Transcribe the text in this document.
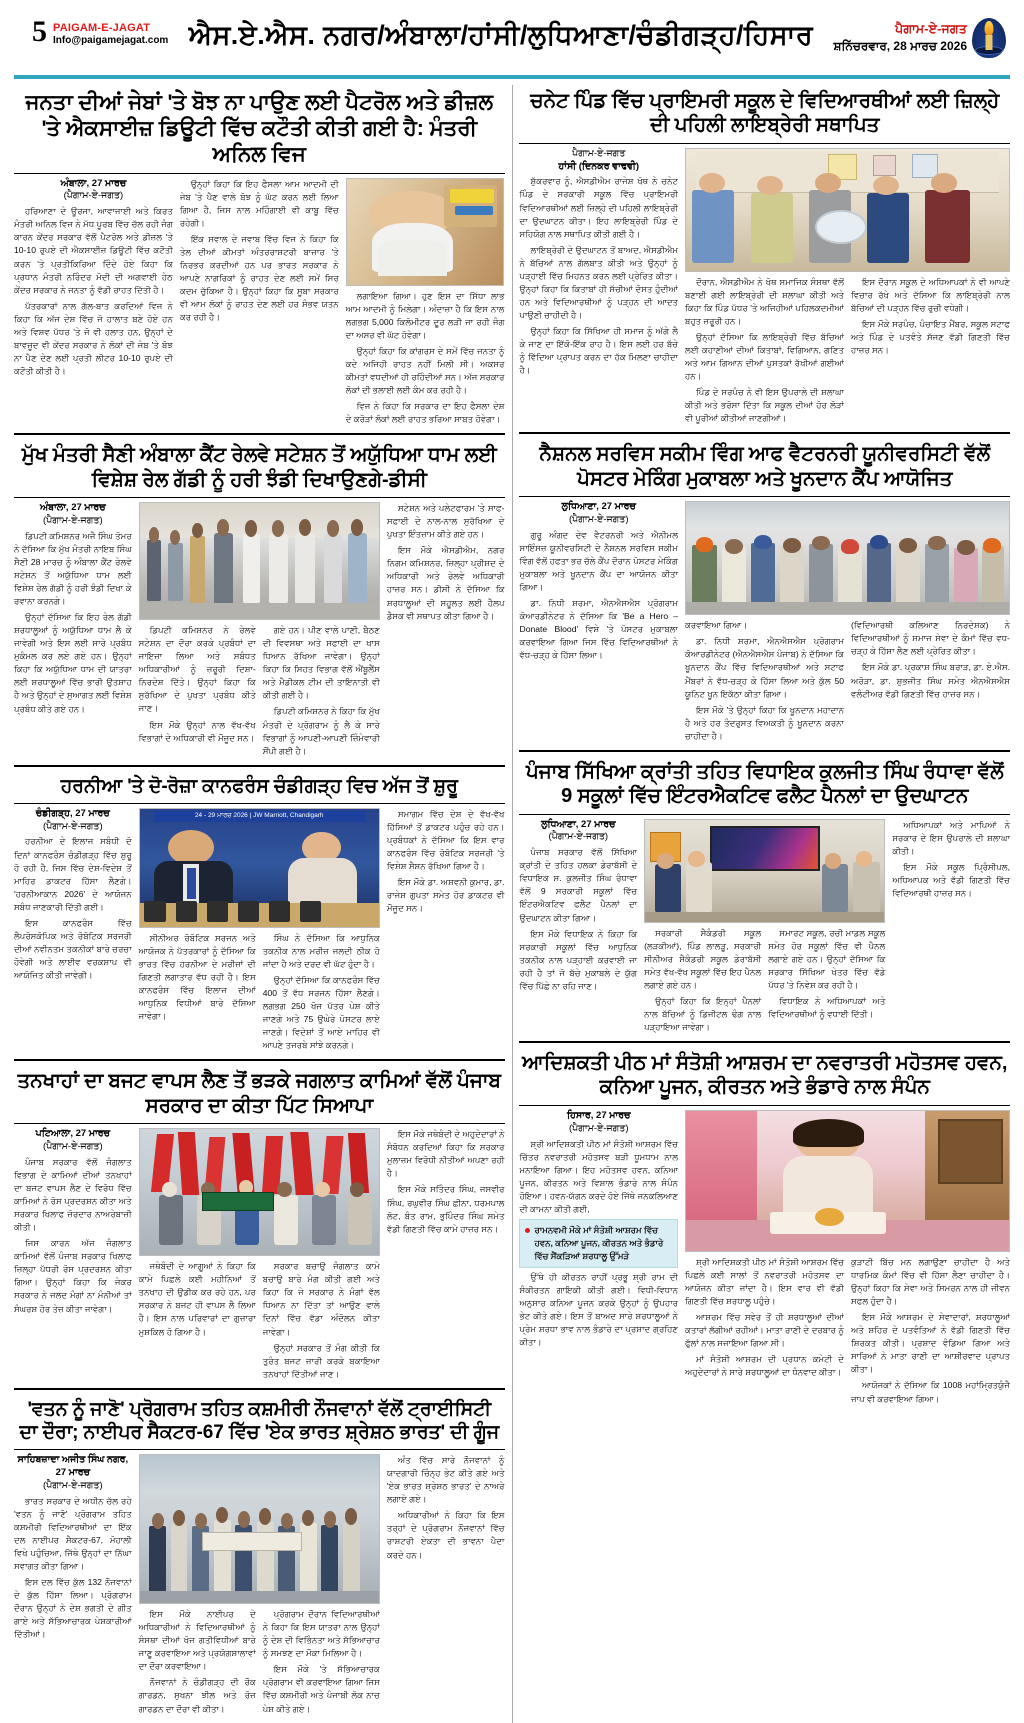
5 PAIGAM-E-JAGAT
Info@paigamejagat.com ਐਸ.ਏ.ਐਸ. ਨਗਰ/ਅੰਬਾਲਾ/ਹਾਂਸੀ/ਲੁਧਿਆਣਾ/ਚੰਡੀਗੜ੍ਹ/ਹਿਸਾਰ	ਪੈਗਾਮ-ਏ-ਜਗਤ
ਸ਼ਨਿੱਚਰਵਾਰ, 28 ਮਾਰਚ 2026
ਜਨਤਾ ਦੀਆਂ ਜੇਬਾਂ 'ਤੇ ਬੋਝ ਨਾ ਪਾਉਣ ਲਈ ਪੈਟਰੋਲ ਅਤੇ ਡੀਜ਼ਲ 'ਤੇ ਐਕਸਾਈਜ਼ ਡਿਊਟੀ ਵਿੱਚ ਕਟੌਤੀ ਕੀਤੀ ਗਈ ਹੈ: ਮੰਤਰੀ ਅਨਿਲ ਵਿਜ
ਅੰਬਾਲਾ, 27 ਮਾਰਚ
(ਪੈਗਾਮ-ਏ-ਜਗਤ)
ਹਰਿਆਣਾ ਦੇ ਊਰਜਾ, ਆਵਾਜਾਈ ਅਤੇ ਕਿਰਤ ਮੰਤਰੀ ਅਨਿਲ ਵਿਜ ਨੇ ਮੱਧ ਪੂਰਬ ਵਿੱਚ ਚੱਲ ਰਹੀ ਜੰਗ ਕਾਰਨ ਕੇਂਦਰ ਸਰਕਾਰ ਵੱਲੋਂ ਪੈਟਰੋਲ ਅਤੇ ਡੀਜ਼ਲ 'ਤੇ 10-10 ਰੁਪਏ ਦੀ ਐਕਸਾਈਜ਼ ਡਿਊਟੀ ਵਿੱਚ ਕਟੌਤੀ ਕਰਨ 'ਤੇ ਪ੍ਰਤੀਕਿਰਿਆ ਦਿੰਦੇ ਹੋਏ ਕਿਹਾ ਕਿ ਪ੍ਰਧਾਨ ਮੰਤਰੀ ਨਰਿੰਦਰ ਮੋਦੀ ਦੀ ਅਗਵਾਈ ਹੇਠ ਕੇਂਦਰ ਸਰਕਾਰ ਨੇ ਜਨਤਾ ਨੂੰ ਵੱਡੀ ਰਾਹਤ ਦਿੱਤੀ ਹੈ।
ਪੱਤਰਕਾਰਾਂ ਨਾਲ ਗੱਲ-ਬਾਤ ਕਰਦਿਆਂ ਵਿਜ ਨੇ ਕਿਹਾ ਕਿ ਅੱਜ ਦੇਸ਼ ਵਿੱਚ ਜੋ ਹਾਲਾਤ ਬਣੇ ਹੋਏ ਹਨ ਅਤੇ ਵਿਸ਼ਵ ਪੱਧਰ 'ਤੇ ਜੋ ਵੀ ਹਲਾਤ ਹਨ, ਉਨ੍ਹਾਂ ਦੇ ਬਾਵਜੂਦ ਵੀ ਕੇਂਦਰ ਸਰਕਾਰ ਨੇ ਲੋਕਾਂ ਦੀ ਜੇਬ 'ਤੇ ਬੋਝ ਨਾ ਪੈਣ ਦੇਣ ਲਈ ਪ੍ਰਤੀ ਲੀਟਰ 10-10 ਰੁਪਏ ਦੀ ਕਟੌਤੀ ਕੀਤੀ ਹੈ।
ਉਨ੍ਹਾਂ ਕਿਹਾ ਕਿ ਇਹ ਫੈਸਲਾ ਆਮ ਆਦਮੀ ਦੀ ਜੇਬ 'ਤੇ ਪੈਣ ਵਾਲੇ ਬੋਝ ਨੂੰ ਘੱਟ ਕਰਨ ਲਈ ਲਿਆ ਗਿਆ ਹੈ, ਜਿਸ ਨਾਲ ਮਹਿੰਗਾਈ ਵੀ ਕਾਬੂ ਵਿੱਚ ਰਹੇਗੀ।
ਇੱਕ ਸਵਾਲ ਦੇ ਜਵਾਬ ਵਿੱਚ ਵਿਜ ਨੇ ਕਿਹਾ ਕਿ ਤੇਲ ਦੀਆਂ ਕੀਮਤਾਂ ਅੰਤਰਰਾਸ਼ਟਰੀ ਬਾਜ਼ਾਰ 'ਤੇ ਨਿਰਭਰ ਕਰਦੀਆਂ ਹਨ ਪਰ ਭਾਰਤ ਸਰਕਾਰ ਨੇ ਆਪਣੇ ਨਾਗਰਿਕਾਂ ਨੂੰ ਰਾਹਤ ਦੇਣ ਲਈ ਸਮੇਂ ਸਿਰ ਕਦਮ ਚੁੱਕਿਆ ਹੈ। ਉਨ੍ਹਾਂ ਕਿਹਾ ਕਿ ਸੂਬਾ ਸਰਕਾਰ ਵੀ ਆਮ ਲੋਕਾਂ ਨੂੰ ਰਾਹਤ ਦੇਣ ਲਈ ਹਰ ਸੰਭਵ ਯਤਨ ਕਰ ਰਹੀ ਹੈ।
ਲਗਾਇਆ ਗਿਆ। ਹੁਣ ਇਸ ਦਾ ਸਿੱਧਾ ਲਾਭ ਆਮ ਆਦਮੀ ਨੂੰ ਮਿਲੇਗਾ। ਅੰਦਾਜ਼ਾ ਹੈ ਕਿ ਇਸ ਨਾਲ ਲਗਭਗ 5,000 ਕਿਲੋਮੀਟਰ ਦੂਰ ਲੜੀ ਜਾ ਰਹੀ ਜੰਗ ਦਾ ਅਸਰ ਵੀ ਘੱਟ ਹੋਵੇਗਾ।
ਉਨ੍ਹਾਂ ਕਿਹਾ ਕਿ ਕਾਂਗਰਸ ਦੇ ਸਮੇਂ ਵਿੱਚ ਜਨਤਾ ਨੂੰ ਕਦੇ ਅਜਿਹੀ ਰਾਹਤ ਨਹੀਂ ਮਿਲੀ ਸੀ। ਅਕਸਰ ਕੀਮਤਾਂ ਵਧਦੀਆਂ ਹੀ ਰਹਿੰਦੀਆਂ ਸਨ। ਅੱਜ ਸਰਕਾਰ ਲੋਕਾਂ ਦੀ ਭਲਾਈ ਲਈ ਕੰਮ ਕਰ ਰਹੀ ਹੈ।
ਵਿਜ ਨੇ ਕਿਹਾ ਕਿ ਸਰਕਾਰ ਦਾ ਇਹ ਫੈਸਲਾ ਦੇਸ਼ ਦੇ ਕਰੋੜਾਂ ਲੋਕਾਂ ਲਈ ਰਾਹਤ ਭਰਿਆ ਸਾਬਤ ਹੋਵੇਗਾ।
ਮੁੱਖ ਮੰਤਰੀ ਸੈਣੀ ਅੰਬਾਲਾ ਕੈਂਟ ਰੇਲਵੇ ਸਟੇਸ਼ਨ ਤੋਂ ਅਯੁੱਧਿਆ ਧਾਮ ਲਈ ਵਿਸ਼ੇਸ਼ ਰੇਲ ਗੱਡੀ ਨੂੰ ਹਰੀ ਝੰਡੀ ਦਿਖਾਉਣਗੇ-ਡੀਸੀ
ਅੰਬਾਲਾ, 27 ਮਾਰਚ
(ਪੈਗਾਮ-ਏ-ਜਗਤ)
ਡਿਪਟੀ ਕਮਿਸ਼ਨਰ ਅਜੈ ਸਿੰਘ ਤੋਮਰ ਨੇ ਦੱਸਿਆ ਕਿ ਮੁੱਖ ਮੰਤਰੀ ਨਾਇਬ ਸਿੰਘ ਸੈਣੀ 28 ਮਾਰਚ ਨੂੰ ਅੰਬਾਲਾ ਕੈਂਟ ਰੇਲਵੇ ਸਟੇਸ਼ਨ ਤੋਂ ਅਯੁੱਧਿਆ ਧਾਮ ਲਈ ਵਿਸ਼ੇਸ਼ ਰੇਲ ਗੱਡੀ ਨੂੰ ਹਰੀ ਝੰਡੀ ਦਿਖਾ ਕੇ ਰਵਾਨਾ ਕਰਨਗੇ।
ਉਨ੍ਹਾਂ ਦੱਸਿਆ ਕਿ ਇਹ ਰੇਲ ਗੱਡੀ ਸ਼ਰਧਾਲੂਆਂ ਨੂੰ ਅਯੁੱਧਿਆ ਧਾਮ ਲੈ ਕੇ ਜਾਵੇਗੀ ਅਤੇ ਇਸ ਲਈ ਸਾਰੇ ਪ੍ਰਬੰਧ ਮੁਕੰਮਲ ਕਰ ਲਏ ਗਏ ਹਨ। ਉਨ੍ਹਾਂ ਕਿਹਾ ਕਿ ਅਯੁੱਧਿਆ ਧਾਮ ਦੀ ਯਾਤਰਾ ਲਈ ਸ਼ਰਧਾਲੂਆਂ ਵਿੱਚ ਭਾਰੀ ਉਤਸ਼ਾਹ ਹੈ ਅਤੇ ਉਨ੍ਹਾਂ ਦੇ ਸੁਆਗਤ ਲਈ ਵਿਸ਼ੇਸ਼ ਪ੍ਰਬੰਧ ਕੀਤੇ ਗਏ ਹਨ।
ਡਿਪਟੀ ਕਮਿਸ਼ਨਰ ਨੇ ਰੇਲਵੇ ਸਟੇਸ਼ਨ ਦਾ ਦੌਰਾ ਕਰਕੇ ਪ੍ਰਬੰਧਾਂ ਦਾ ਜਾਇਜ਼ਾ ਲਿਆ ਅਤੇ ਸਬੰਧਤ ਅਧਿਕਾਰੀਆਂ ਨੂੰ ਜ਼ਰੂਰੀ ਦਿਸ਼ਾ-ਨਿਰਦੇਸ਼ ਦਿੱਤੇ। ਉਨ੍ਹਾਂ ਕਿਹਾ ਕਿ ਸੁਰੱਖਿਆ ਦੇ ਪੁਖਤਾ ਪ੍ਰਬੰਧ ਕੀਤੇ ਜਾਣ।
ਇਸ ਮੌਕੇ ਉਨ੍ਹਾਂ ਨਾਲ ਵੱਖ-ਵੱਖ ਵਿਭਾਗਾਂ ਦੇ ਅਧਿਕਾਰੀ ਵੀ ਮੌਜੂਦ ਸਨ।
ਗਏ ਹਨ। ਪੀਣ ਵਾਲੇ ਪਾਣੀ, ਬੈਠਣ ਦੀ ਵਿਵਸਥਾ ਅਤੇ ਸਫਾਈ ਦਾ ਖਾਸ ਧਿਆਨ ਰੱਖਿਆ ਜਾਵੇਗਾ। ਉਨ੍ਹਾਂ ਕਿਹਾ ਕਿ ਸਿਹਤ ਵਿਭਾਗ ਵੱਲੋਂ ਐਂਬੂਲੈਂਸ ਅਤੇ ਮੈਡੀਕਲ ਟੀਮ ਦੀ ਤਾਇਨਾਤੀ ਵੀ ਕੀਤੀ ਗਈ ਹੈ।
ਡਿਪਟੀ ਕਮਿਸ਼ਨਰ ਨੇ ਕਿਹਾ ਕਿ ਮੁੱਖ ਮੰਤਰੀ ਦੇ ਪ੍ਰੋਗਰਾਮ ਨੂੰ ਲੈ ਕੇ ਸਾਰੇ ਵਿਭਾਗਾਂ ਨੂੰ ਆਪਣੀ-ਆਪਣੀ ਜ਼ਿੰਮੇਵਾਰੀ ਸੌਂਪੀ ਗਈ ਹੈ।
ਸਟੇਸ਼ਨ ਅਤੇ ਪਲੇਟਫਾਰਮ 'ਤੇ ਸਾਫ-ਸਫਾਈ ਦੇ ਨਾਲ-ਨਾਲ ਸੁਰੱਖਿਆ ਦੇ ਪੁਖਤਾ ਇੰਤਜ਼ਾਮ ਕੀਤੇ ਗਏ ਹਨ।
ਇਸ ਮੌਕੇ ਐਸਡੀਐਮ, ਨਗਰ ਨਿਗਮ ਕਮਿਸ਼ਨਰ, ਜ਼ਿਲ੍ਹਾ ਪ੍ਰੀਸ਼ਦ ਦੇ ਅਧਿਕਾਰੀ ਅਤੇ ਰੇਲਵੇ ਅਧਿਕਾਰੀ ਹਾਜ਼ਰ ਸਨ। ਡੀਸੀ ਨੇ ਦੱਸਿਆ ਕਿ ਸ਼ਰਧਾਲੂਆਂ ਦੀ ਸਹੂਲਤ ਲਈ ਹੈਲਪ ਡੈਸਕ ਵੀ ਸਥਾਪਤ ਕੀਤਾ ਗਿਆ ਹੈ।
ਹਰਨੀਆ 'ਤੇ ਦੋ-ਰੋਜ਼ਾ ਕਾਨਫਰੰਸ ਚੰਡੀਗੜ੍ਹ ਵਿਚ ਅੱਜ ਤੋਂ ਸ਼ੁਰੂ
ਚੰਡੀਗੜ੍ਹ, 27 ਮਾਰਚ
(ਪੈਗਾਮ-ਏ-ਜਗਤ)
ਹਰਨੀਆ ਦੇ ਇਲਾਜ ਸਬੰਧੀ ਦੋ ਦਿਨਾਂ ਕਾਨਫਰੰਸ ਚੰਡੀਗੜ੍ਹ ਵਿੱਚ ਸ਼ੁਰੂ ਹੋ ਰਹੀ ਹੈ, ਜਿਸ ਵਿੱਚ ਦੇਸ਼-ਵਿਦੇਸ਼ ਤੋਂ ਮਾਹਿਰ ਡਾਕਟਰ ਹਿੱਸਾ ਲੈਣਗੇ। 'ਹਰਨੀਆਕਾਨ 2026' ਦੇ ਆਯੋਜਨ ਸਬੰਧ ਜਾਣਕਾਰੀ ਦਿੱਤੀ ਗਈ।
ਇਸ ਕਾਨਫਰੰਸ ਵਿੱਚ ਲੈਪਰੋਸਕੋਪਿਕ ਅਤੇ ਰੋਬੋਟਿਕ ਸਰਜਰੀ ਦੀਆਂ ਨਵੀਨਤਮ ਤਕਨੀਕਾਂ ਬਾਰੇ ਚਰਚਾ ਹੋਵੇਗੀ ਅਤੇ ਲਾਈਵ ਵਰਕਸ਼ਾਪ ਵੀ ਆਯੋਜਿਤ ਕੀਤੀ ਜਾਵੇਗੀ।
24 - 29 ਮਾਰਚ 2026 | JW Marriott, Chandigarh
ਸੀਨੀਅਰ ਰੋਬੋਟਿਕ ਸਰਜਨ ਅਤੇ ਆਯੋਜਕ ਨੇ ਪੱਤਰਕਾਰਾਂ ਨੂੰ ਦੱਸਿਆ ਕਿ ਭਾਰਤ ਵਿੱਚ ਹਰਨੀਆ ਦੇ ਮਰੀਜ਼ਾਂ ਦੀ ਗਿਣਤੀ ਲਗਾਤਾਰ ਵੱਧ ਰਹੀ ਹੈ। ਇਸ ਕਾਨਫਰੰਸ ਵਿੱਚ ਇਲਾਜ ਦੀਆਂ ਆਧੁਨਿਕ ਵਿਧੀਆਂ ਬਾਰੇ ਦੱਸਿਆ ਜਾਵੇਗਾ।
ਸਿੰਘ ਨੇ ਦੱਸਿਆ ਕਿ ਆਧੁਨਿਕ ਤਕਨੀਕ ਨਾਲ ਮਰੀਜ਼ ਜਲਦੀ ਠੀਕ ਹੋ ਜਾਂਦਾ ਹੈ ਅਤੇ ਦਰਦ ਵੀ ਘੱਟ ਹੁੰਦਾ ਹੈ।
ਉਨ੍ਹਾਂ ਦੱਸਿਆ ਕਿ ਕਾਨਫਰੰਸ ਵਿੱਚ 400 ਤੋਂ ਵੱਧ ਸਰਜਨ ਹਿੱਸਾ ਲੈਣਗੇ। ਲਗਭਗ 250 ਖੋਜ ਪੱਤਰ ਪੇਸ਼ ਕੀਤੇ ਜਾਣਗੇ ਅਤੇ 75 ਉਘੇਰੇ ਪੋਸਟਰ ਲਾਏ ਜਾਣਗੇ। ਵਿਦੇਸ਼ਾਂ ਤੋਂ ਆਏ ਮਾਹਿਰ ਵੀ ਆਪਣੇ ਤਜਰਬੇ ਸਾਂਝੇ ਕਰਨਗੇ।
ਸਮਾਗਮ ਵਿੱਚ ਦੇਸ਼ ਦੇ ਵੱਖ-ਵੱਖ ਹਿੱਸਿਆਂ ਤੋਂ ਡਾਕਟਰ ਪਹੁੰਚ ਰਹੇ ਹਨ। ਪ੍ਰਬੰਧਕਾਂ ਨੇ ਦੱਸਿਆ ਕਿ ਇਸ ਵਾਰ ਕਾਨਫਰੰਸ ਵਿੱਚ ਰੋਬੋਟਿਕ ਸਰਜਰੀ 'ਤੇ ਵਿਸ਼ੇਸ਼ ਸੈਸ਼ਨ ਰੱਖਿਆ ਗਿਆ ਹੈ।
ਇਸ ਮੌਕੇ ਡਾ. ਅਸ਼ਵਨੀ ਕੁਮਾਰ, ਡਾ. ਰਾਜੇਸ਼ ਗੁਪਤਾ ਸਮੇਤ ਹੋਰ ਡਾਕਟਰ ਵੀ ਮੌਜੂਦ ਸਨ।
ਤਨਖਾਹਾਂ ਦਾ ਬਜਟ ਵਾਪਸ ਲੈਣ ਤੋਂ ਭੜਕੇ ਜਗਲਾਤ ਕਾਮਿਆਂ ਵੱਲੋਂ ਪੰਜਾਬ ਸਰਕਾਰ ਦਾ ਕੀਤਾ ਪਿੱਟ ਸਿਆਪਾ
ਪਟਿਆਲਾ, 27 ਮਾਰਚ
(ਪੈਗਾਮ-ਏ-ਜਗਤ)
ਪੰਜਾਬ ਸਰਕਾਰ ਵੱਲੋਂ ਜੰਗਲਾਤ ਵਿਭਾਗ ਦੇ ਕਾਮਿਆਂ ਦੀਆਂ ਤਨਖਾਹਾਂ ਦਾ ਬਜਟ ਵਾਪਸ ਲੈਣ ਦੇ ਵਿਰੋਧ ਵਿੱਚ ਕਾਮਿਆਂ ਨੇ ਰੋਸ ਪ੍ਰਦਰਸ਼ਨ ਕੀਤਾ ਅਤੇ ਸਰਕਾਰ ਖਿਲਾਫ ਜ਼ੋਰਦਾਰ ਨਾਅਰੇਬਾਜ਼ੀ ਕੀਤੀ।
ਜਿਸ ਕਾਰਨ ਅੱਜ ਜੰਗਲਾਤ ਕਾਮਿਆਂ ਵੱਲੋਂ ਪੰਜਾਬ ਸਰਕਾਰ ਖਿਲਾਫ ਜ਼ਿਲ੍ਹਾ ਪੱਧਰੀ ਰੋਸ ਪ੍ਰਦਰਸ਼ਨ ਕੀਤਾ ਗਿਆ। ਉਨ੍ਹਾਂ ਕਿਹਾ ਕਿ ਜੇਕਰ ਸਰਕਾਰ ਨੇ ਜਲਦ ਮੰਗਾਂ ਨਾ ਮੰਨੀਆਂ ਤਾਂ ਸੰਘਰਸ਼ ਹੋਰ ਤੇਜ਼ ਕੀਤਾ ਜਾਵੇਗਾ।
ਜਥੇਬੰਦੀ ਦੇ ਆਗੂਆਂ ਨੇ ਕਿਹਾ ਕਿ ਕਾਮੇ ਪਿਛਲੇ ਕਈ ਮਹੀਨਿਆਂ ਤੋਂ ਤਨਖਾਹ ਦੀ ਉਡੀਕ ਕਰ ਰਹੇ ਹਨ, ਪਰ ਸਰਕਾਰ ਨੇ ਬਜਟ ਹੀ ਵਾਪਸ ਲੈ ਲਿਆ ਹੈ। ਇਸ ਨਾਲ ਪਰਿਵਾਰਾਂ ਦਾ ਗੁਜ਼ਾਰਾ ਮੁਸ਼ਕਿਲ ਹੋ ਗਿਆ ਹੈ।
ਸਰਕਾਰ ਬਚਾਉ ਜੰਗਲਾਤ ਕਾਮੇ ਬਚਾਉ ਬਾਰੇ ਮੰਗ ਕੀਤੀ ਗਈ ਅਤੇ ਕਿਹਾ ਕਿ ਜੇ ਸਰਕਾਰ ਨੇ ਮੰਗਾਂ ਵੱਲ ਧਿਆਨ ਨਾ ਦਿੱਤਾ ਤਾਂ ਆਉਣ ਵਾਲੇ ਦਿਨਾਂ ਵਿੱਚ ਵੱਡਾ ਅੰਦੋਲਨ ਕੀਤਾ ਜਾਵੇਗਾ।
ਉਨ੍ਹਾਂ ਸਰਕਾਰ ਤੋਂ ਮੰਗ ਕੀਤੀ ਕਿ ਤੁਰੰਤ ਬਜਟ ਜਾਰੀ ਕਰਕੇ ਬਕਾਇਆ ਤਨਖਾਹਾਂ ਦਿੱਤੀਆਂ ਜਾਣ।
ਇਸ ਮੌਕੇ ਜਥੇਬੰਦੀ ਦੇ ਅਹੁਦੇਦਾਰਾਂ ਨੇ ਸੰਬੋਧਨ ਕਰਦਿਆਂ ਕਿਹਾ ਕਿ ਸਰਕਾਰ ਮੁਲਾਜ਼ਮ ਵਿਰੋਧੀ ਨੀਤੀਆਂ ਅਪਣਾ ਰਹੀ ਹੈ।
ਇਸ ਮੌਕੇ ਸਤਿੰਦਰ ਸਿੰਘ, ਜਸਵੀਰ ਸਿੰਘ, ਰਘੁਵੀਰ ਸਿੰਘ ਛੀਨਾ, ਧਰਮਪਾਲ ਲੋਟ, ਬੰਤ ਰਾਮ, ਭੁਪਿੰਦਰ ਸਿੰਘ ਸਮੇਤ ਵੱਡੀ ਗਿਣਤੀ ਵਿੱਚ ਕਾਮੇ ਹਾਜ਼ਰ ਸਨ।
'ਵਤਨ ਨੂੰ ਜਾਣੋ' ਪ੍ਰੋਗਰਾਮ ਤਹਿਤ ਕਸ਼ਮੀਰੀ ਨੌਜਵਾਨਾਂ ਵੱਲੋਂ ਟ੍ਰਾਈਸਿਟੀ ਦਾ ਦੌਰਾ; ਨਾਈਪਰ ਸੈਕਟਰ-67 ਵਿੱਚ 'ਏਕ ਭਾਰਤ ਸ਼੍ਰੇਸ਼ਠ ਭਾਰਤ' ਦੀ ਗੂੰਜ
ਸਾਹਿਬਜ਼ਾਦਾ ਅਜੀਤ ਸਿੰਘ ਨਗਰ, 27 ਮਾਰਚ
(ਪੈਗਾਮ-ਏ-ਜਗਤ)
ਭਾਰਤ ਸਰਕਾਰ ਦੇ ਅਧੀਨ ਚੱਲ ਰਹੇ 'ਵਤਨ ਨੂੰ ਜਾਣੋ' ਪ੍ਰੋਗਰਾਮ ਤਹਿਤ ਕਸ਼ਮੀਰੀ ਵਿਦਿਆਰਥੀਆਂ ਦਾ ਇੱਕ ਦਲ ਨਾਈਪਰ ਸੈਕਟਰ-67, ਮੋਹਾਲੀ ਵਿਖੇ ਪਹੁੰਚਿਆ, ਜਿੱਥੇ ਉਨ੍ਹਾਂ ਦਾ ਨਿੱਘਾ ਸਵਾਗਤ ਕੀਤਾ ਗਿਆ।
ਇਸ ਦਲ ਵਿੱਚ ਕੁੱਲ 132 ਨੌਜਵਾਨਾਂ ਦੇ ਕੁੱਲ ਹਿੱਸਾ ਲਿਆ। ਪ੍ਰੋਗਰਾਮ ਦੌਰਾਨ ਉਨ੍ਹਾਂ ਨੇ ਦੇਸ਼ ਭਗਤੀ ਦੇ ਗੀਤ ਗਾਏ ਅਤੇ ਸੱਭਿਆਚਾਰਕ ਪੇਸ਼ਕਾਰੀਆਂ ਦਿੱਤੀਆਂ।
ਇਸ ਮੌਕੇ ਨਾਈਪਰ ਦੇ ਅਧਿਕਾਰੀਆਂ ਨੇ ਵਿਦਿਆਰਥੀਆਂ ਨੂੰ ਸੰਸਥਾ ਦੀਆਂ ਖੋਜ ਗਤੀਵਿਧੀਆਂ ਬਾਰੇ ਜਾਣੂ ਕਰਵਾਇਆ ਅਤੇ ਪ੍ਰਯੋਗਸ਼ਾਲਾਵਾਂ ਦਾ ਦੌਰਾ ਕਰਵਾਇਆ।
ਨੌਜਵਾਨਾਂ ਨੇ ਚੰਡੀਗੜ੍ਹ ਦੀ ਰੌਕ ਗਾਰਡਨ, ਸੁਖਨਾ ਝੀਲ ਅਤੇ ਰੋਜ਼ ਗਾਰਡਨ ਦਾ ਦੌਰਾ ਵੀ ਕੀਤਾ।
ਪ੍ਰੋਗਰਾਮ ਦੌਰਾਨ ਵਿਦਿਆਰਥੀਆਂ ਨੇ ਕਿਹਾ ਕਿ ਇਸ ਯਾਤਰਾ ਨਾਲ ਉਨ੍ਹਾਂ ਨੂੰ ਦੇਸ਼ ਦੀ ਵਿਭਿੰਨਤਾ ਅਤੇ ਸੱਭਿਆਚਾਰ ਨੂੰ ਸਮਝਣ ਦਾ ਮੌਕਾ ਮਿਲਿਆ ਹੈ।
ਇਸ ਮੌਕੇ 'ਤੇ ਸੱਭਿਆਚਾਰਕ ਪ੍ਰੋਗਰਾਮ ਵੀ ਕਰਵਾਇਆ ਗਿਆ ਜਿਸ ਵਿੱਚ ਕਸ਼ਮੀਰੀ ਅਤੇ ਪੰਜਾਬੀ ਲੋਕ ਨਾਚ ਪੇਸ਼ ਕੀਤੇ ਗਏ।
ਅੰਤ ਵਿੱਚ ਸਾਰੇ ਨੌਜਵਾਨਾਂ ਨੂੰ ਯਾਦਗਾਰੀ ਚਿੰਨ੍ਹ ਭੇਟ ਕੀਤੇ ਗਏ ਅਤੇ 'ਏਕ ਭਾਰਤ ਸ਼੍ਰੇਸ਼ਠ ਭਾਰਤ' ਦੇ ਨਾਅਰੇ ਲਗਾਏ ਗਏ।
ਅਧਿਕਾਰੀਆਂ ਨੇ ਕਿਹਾ ਕਿ ਇਸ ਤਰ੍ਹਾਂ ਦੇ ਪ੍ਰੋਗਰਾਮ ਨੌਜਵਾਨਾਂ ਵਿੱਚ ਰਾਸ਼ਟਰੀ ਏਕਤਾ ਦੀ ਭਾਵਨਾ ਪੈਦਾ ਕਰਦੇ ਹਨ।
ਚਨੇਟ ਪਿੰਡ ਵਿੱਚ ਪ੍ਰਾਇਮਰੀ ਸਕੂਲ ਦੇ ਵਿਦਿਆਰਥੀਆਂ ਲਈ ਜ਼ਿਲ੍ਹੇ ਦੀ ਪਹਿਲੀ ਲਾਇਬ੍ਰੇਰੀ ਸਥਾਪਿਤ
ਪੈਗਾਮ-ਏ-ਜਗਤ
ਹਾਂਸੀ (ਦਿਨਕਰ ਵਾਢਵੀ)
ਸ਼ੁੱਕਰਵਾਰ ਨੂੰ, ਐਸਡੀਐਮ ਰਾਜੇਸ਼ ਖੋਥ ਨੇ ਚਨੇਟ ਪਿੰਡ ਦੇ ਸਰਕਾਰੀ ਸਕੂਲ ਵਿੱਚ ਪ੍ਰਾਇਮਰੀ ਵਿਦਿਆਰਥੀਆਂ ਲਈ ਜ਼ਿਲ੍ਹੇ ਦੀ ਪਹਿਲੀ ਲਾਇਬ੍ਰੇਰੀ ਦਾ ਉਦਘਾਟਨ ਕੀਤਾ। ਇਹ ਲਾਇਬ੍ਰੇਰੀ ਪਿੰਡ ਦੇ ਸਹਿਯੋਗ ਨਾਲ ਸਥਾਪਿਤ ਕੀਤੀ ਗਈ ਹੈ।
ਲਾਇਬ੍ਰੇਰੀ ਦੇ ਉਦਘਾਟਨ ਤੋਂ ਬਾਅਦ, ਐਸਡੀਐਮ ਨੇ ਬੱਚਿਆਂ ਨਾਲ ਗੱਲਬਾਤ ਕੀਤੀ ਅਤੇ ਉਨ੍ਹਾਂ ਨੂੰ ਪੜ੍ਹਾਈ ਵਿੱਚ ਮਿਹਨਤ ਕਰਨ ਲਈ ਪ੍ਰੇਰਿਤ ਕੀਤਾ। ਉਨ੍ਹਾਂ ਕਿਹਾ ਕਿ ਕਿਤਾਬਾਂ ਹੀ ਸੱਚੀਆਂ ਦੋਸਤ ਹੁੰਦੀਆਂ ਹਨ ਅਤੇ ਵਿਦਿਆਰਥੀਆਂ ਨੂੰ ਪੜ੍ਹਨ ਦੀ ਆਦਤ ਪਾਉਣੀ ਚਾਹੀਦੀ ਹੈ।
ਉਨ੍ਹਾਂ ਕਿਹਾ ਕਿ ਸਿੱਖਿਆ ਹੀ ਸਮਾਜ ਨੂੰ ਅੱਗੇ ਲੈ ਕੇ ਜਾਣ ਦਾ ਇੱਕੋ-ਇੱਕ ਰਾਹ ਹੈ। ਇਸ ਲਈ ਹਰ ਬੱਚੇ ਨੂੰ ਵਿੱਦਿਆ ਪ੍ਰਾਪਤ ਕਰਨ ਦਾ ਹੱਕ ਮਿਲਣਾ ਚਾਹੀਦਾ ਹੈ।
ਦੌਰਾਨ, ਐਸਡੀਐਮ ਨੇ ਖੋਥ ਸਮਾਜਿਕ ਸੰਸਥਾ ਵੱਲੋਂ ਬਣਾਈ ਗਈ ਲਾਇਬ੍ਰੇਰੀ ਦੀ ਸ਼ਲਾਘਾ ਕੀਤੀ ਅਤੇ ਕਿਹਾ ਕਿ ਪਿੰਡ ਪੱਧਰ 'ਤੇ ਅਜਿਹੀਆਂ ਪਹਿਲਕਦਮੀਆਂ ਬਹੁਤ ਜ਼ਰੂਰੀ ਹਨ।
ਉਨ੍ਹਾਂ ਦੱਸਿਆ ਕਿ ਲਾਇਬ੍ਰੇਰੀ ਵਿੱਚ ਬੱਚਿਆਂ ਲਈ ਕਹਾਣੀਆਂ ਦੀਆਂ ਕਿਤਾਬਾਂ, ਵਿਗਿਆਨ, ਗਣਿਤ ਅਤੇ ਆਮ ਗਿਆਨ ਦੀਆਂ ਪੁਸਤਕਾਂ ਰੱਖੀਆਂ ਗਈਆਂ ਹਨ।
ਪਿੰਡ ਦੇ ਸਰਪੰਚ ਨੇ ਵੀ ਇਸ ਉਪਰਾਲੇ ਦੀ ਸ਼ਲਾਘਾ ਕੀਤੀ ਅਤੇ ਭਰੋਸਾ ਦਿੱਤਾ ਕਿ ਸਕੂਲ ਦੀਆਂ ਹੋਰ ਲੋੜਾਂ ਵੀ ਪੂਰੀਆਂ ਕੀਤੀਆਂ ਜਾਣਗੀਆਂ।
ਇਸ ਦੌਰਾਨ ਸਕੂਲ ਦੇ ਅਧਿਆਪਕਾਂ ਨੇ ਵੀ ਆਪਣੇ ਵਿਚਾਰ ਰੱਖੇ ਅਤੇ ਦੱਸਿਆ ਕਿ ਲਾਇਬ੍ਰੇਰੀ ਨਾਲ ਬੱਚਿਆਂ ਦੀ ਪੜ੍ਹਨ ਵਿੱਚ ਰੁਚੀ ਵਧੇਗੀ।
ਇਸ ਮੌਕੇ ਸਰਪੰਚ, ਪੰਚਾਇਤ ਮੈਂਬਰ, ਸਕੂਲ ਸਟਾਫ ਅਤੇ ਪਿੰਡ ਦੇ ਪਤਵੰਤੇ ਸੱਜਣ ਵੱਡੀ ਗਿਣਤੀ ਵਿੱਚ ਹਾਜ਼ਰ ਸਨ।
ਨੈਸ਼ਨਲ ਸਰਵਿਸ ਸਕੀਮ ਵਿੰਗ ਆਫ ਵੈਟਰਨਰੀ ਯੂਨੀਵਰਸਿਟੀ ਵੱਲੋਂ ਪੋਸਟਰ ਮੇਕਿੰਗ ਮੁਕਾਬਲਾ ਅਤੇ ਖੂਨਦਾਨ ਕੈਂਪ ਆਯੋਜਿਤ
ਲੁਧਿਆਣਾ, 27 ਮਾਰਚ
(ਪੈਗਾਮ-ਏ-ਜਗਤ)
ਗੁਰੂ ਅੰਗਦ ਦੇਵ ਵੈਟਰਨਰੀ ਅਤੇ ਐਨੀਮਲ ਸਾਇੰਸਜ਼ ਯੂਨੀਵਰਸਿਟੀ ਦੇ ਨੈਸ਼ਨਲ ਸਰਵਿਸ ਸਕੀਮ ਵਿੰਗ ਵੱਲੋਂ ਹਫਤਾ ਭਰ ਚੱਲੇ ਕੈਂਪ ਦੌਰਾਨ ਪੋਸਟਰ ਮੇਕਿੰਗ ਮੁਕਾਬਲਾ ਅਤੇ ਖੂਨਦਾਨ ਕੈਂਪ ਦਾ ਆਯੋਜਨ ਕੀਤਾ ਗਿਆ।
ਡਾ. ਨਿਧੀ ਸ਼ਰਮਾ, ਐਨਐਸਐਸ ਪ੍ਰੋਗਰਾਮ ਕੋਆਰਡੀਨੇਟਰ ਨੇ ਦੱਸਿਆ ਕਿ 'Be a Hero – Donate Blood' ਵਿਸ਼ੇ 'ਤੇ ਪੋਸਟਰ ਮੁਕਾਬਲਾ ਕਰਵਾਇਆ ਗਿਆ ਜਿਸ ਵਿੱਚ ਵਿਦਿਆਰਥੀਆਂ ਨੇ ਵੱਧ-ਚੜ੍ਹ ਕੇ ਹਿੱਸਾ ਲਿਆ।
ਕਰਵਾਇਆ ਗਿਆ।
ਡਾ. ਨਿਧੀ ਸ਼ਰਮਾ, ਐਨਐਸਐਸ ਪ੍ਰੋਗਰਾਮ ਕੋਆਰਡੀਨੇਟਰ (ਐਨਐਸਐਸ ਪੰਜਾਬ) ਨੇ ਦੱਸਿਆ ਕਿ ਖੂਨਦਾਨ ਕੈਂਪ ਵਿੱਚ ਵਿਦਿਆਰਥੀਆਂ ਅਤੇ ਸਟਾਫ ਮੈਂਬਰਾਂ ਨੇ ਵੱਧ-ਚੜ੍ਹ ਕੇ ਹਿੱਸਾ ਲਿਆ ਅਤੇ ਕੁੱਲ 50 ਯੂਨਿਟ ਖੂਨ ਇਕੱਠਾ ਕੀਤਾ ਗਿਆ।
ਇਸ ਮੌਕੇ 'ਤੇ ਉਨ੍ਹਾਂ ਕਿਹਾ ਕਿ ਖੂਨਦਾਨ ਮਹਾਦਾਨ ਹੈ ਅਤੇ ਹਰ ਤੰਦਰੁਸਤ ਵਿਅਕਤੀ ਨੂੰ ਖੂਨਦਾਨ ਕਰਨਾ ਚਾਹੀਦਾ ਹੈ।
(ਵਿਦਿਆਰਥੀ ਕਲਿਆਣ ਨਿਰਦੇਸ਼ਕ) ਨੇ ਵਿਦਿਆਰਥੀਆਂ ਨੂੰ ਸਮਾਜ ਸੇਵਾ ਦੇ ਕੰਮਾਂ ਵਿੱਚ ਵਧ-ਚੜ੍ਹ ਕੇ ਹਿੱਸਾ ਲੈਣ ਲਈ ਪ੍ਰੇਰਿਤ ਕੀਤਾ।
ਇਸ ਮੌਕੇ ਡਾ. ਪ੍ਰਕਾਸ਼ ਸਿੰਘ ਬਰਾੜ, ਡਾ. ਏ.ਐਸ. ਅਰੋੜਾ, ਡਾ. ਸ਼ੁਭਜੀਤ ਸਿੰਘ ਸਮੇਤ ਐਨਐਸਐਸ ਵਲੰਟੀਅਰ ਵੱਡੀ ਗਿਣਤੀ ਵਿੱਚ ਹਾਜ਼ਰ ਸਨ।
ਪੰਜਾਬ ਸਿੱਖਿਆ ਕ੍ਰਾਂਤੀ ਤਹਿਤ ਵਿਧਾਇਕ ਕੁਲਜੀਤ ਸਿੰਘ ਰੰਧਾਵਾ ਵੱਲੋਂ 9 ਸਕੂਲਾਂ ਵਿੱਚ ਇੰਟਰਐਕਟਿਵ ਫਲੈਟ ਪੈਨਲਾਂ ਦਾ ਉਦਘਾਟਨ
ਲੁਧਿਆਣਾ, 27 ਮਾਰਚ
(ਪੈਗਾਮ-ਏ-ਜਗਤ)
ਪੰਜਾਬ ਸਰਕਾਰ ਵੱਲੋਂ ਸਿੱਖਿਆ ਕ੍ਰਾਂਤੀ ਦੇ ਤਹਿਤ ਹਲਕਾ ਡੇਰਾਬੱਸੀ ਦੇ ਵਿਧਾਇਕ ਸ. ਕੁਲਜੀਤ ਸਿੰਘ ਰੰਧਾਵਾ ਵੱਲੋਂ 9 ਸਰਕਾਰੀ ਸਕੂਲਾਂ ਵਿੱਚ ਇੰਟਰਐਕਟਿਵ ਫਲੈਟ ਪੈਨਲਾਂ ਦਾ ਉਦਘਾਟਨ ਕੀਤਾ ਗਿਆ।
ਇਸ ਮੌਕੇ ਵਿਧਾਇਕ ਨੇ ਕਿਹਾ ਕਿ ਸਰਕਾਰੀ ਸਕੂਲਾਂ ਵਿੱਚ ਆਧੁਨਿਕ ਤਕਨੀਕ ਨਾਲ ਪੜ੍ਹਾਈ ਕਰਵਾਈ ਜਾ ਰਹੀ ਹੈ ਤਾਂ ਜੋ ਬੱਚੇ ਮੁਕਾਬਲੇ ਦੇ ਯੁੱਗ ਵਿੱਚ ਪਿੱਛੇ ਨਾ ਰਹਿ ਜਾਣ।
ਸਰਕਾਰੀ ਸੈਕੰਡਰੀ ਸਕੂਲ (ਲੜਕੀਆਂ), ਪਿੰਡ ਲਾਲੜੂ, ਸਰਕਾਰੀ ਸੀਨੀਅਰ ਸੈਕੰਡਰੀ ਸਕੂਲ ਡੇਰਾਬੱਸੀ ਸਮੇਤ ਵੱਖ-ਵੱਖ ਸਕੂਲਾਂ ਵਿੱਚ ਇਹ ਪੈਨਲ ਲਗਾਏ ਗਏ ਹਨ।
ਉਨ੍ਹਾਂ ਕਿਹਾ ਕਿ ਇਨ੍ਹਾਂ ਪੈਨਲਾਂ ਨਾਲ ਬੱਚਿਆਂ ਨੂੰ ਡਿਜੀਟਲ ਢੰਗ ਨਾਲ ਪੜ੍ਹਾਇਆ ਜਾਵੇਗਾ।
ਸਮਾਰਟ ਸਕੂਲ, ਰਚੀ ਮਾਡਲ ਸਕੂਲ ਸਮੇਤ ਹੋਰ ਸਕੂਲਾਂ ਵਿੱਚ ਵੀ ਪੈਨਲ ਲਗਾਏ ਗਏ ਹਨ। ਉਨ੍ਹਾਂ ਦੱਸਿਆ ਕਿ ਸਰਕਾਰ ਸਿੱਖਿਆ ਖੇਤਰ ਵਿੱਚ ਵੱਡੇ ਪੱਧਰ 'ਤੇ ਨਿਵੇਸ਼ ਕਰ ਰਹੀ ਹੈ।
ਵਿਧਾਇਕ ਨੇ ਅਧਿਆਪਕਾਂ ਅਤੇ ਵਿਦਿਆਰਥੀਆਂ ਨੂੰ ਵਧਾਈ ਦਿੱਤੀ।
ਅਧਿਆਪਕਾਂ ਅਤੇ ਮਾਪਿਆਂ ਨੇ ਸਰਕਾਰ ਦੇ ਇਸ ਉਪਰਾਲੇ ਦੀ ਸ਼ਲਾਘਾ ਕੀਤੀ।
ਇਸ ਮੌਕੇ ਸਕੂਲ ਪ੍ਰਿੰਸੀਪਲ, ਅਧਿਆਪਕ ਅਤੇ ਵੱਡੀ ਗਿਣਤੀ ਵਿੱਚ ਵਿਦਿਆਰਥੀ ਹਾਜ਼ਰ ਸਨ।
ਆਦਿਸ਼ਕਤੀ ਪੀਠ ਮਾਂ ਸੰਤੋਸ਼ੀ ਆਸ਼ਰਮ ਦਾ ਨਵਰਾਤਰੀ ਮਹੋਤਸਵ ਹਵਨ, ਕਨਿਆ ਪੂਜਨ, ਕੀਰਤਨ ਅਤੇ ਭੰਡਾਰੇ ਨਾਲ ਸੰਪੰਨ
ਹਿਸਾਰ, 27 ਮਾਰਚ
(ਪੈਗਾਮ-ਏ-ਜਗਤ)
ਸ਼੍ਰੀ ਆਦਿਸ਼ਕਤੀ ਪੀਠ ਮਾਂ ਸੰਤੋਸ਼ੀ ਆਸ਼ਰਮ ਵਿੱਚ ਚਿੱਤਰ ਨਵਰਾਤਰੀ ਮਹੋਤਸਵ ਬੜੀ ਧੂਮਧਾਮ ਨਾਲ ਮਨਾਇਆ ਗਿਆ। ਇਹ ਮਹੋਤਸਵ ਹਵਨ, ਕਨਿਆ ਪੂਜਨ, ਕੀਰਤਨ ਅਤੇ ਵਿਸ਼ਾਲ ਭੰਡਾਰੇ ਨਾਲ ਸੰਪੰਨ ਹੋਇਆ। ਹਵਨ-ਯੱਗਨ ਕਰਦੇ ਹੋਏ ਜਿੱਥੇ ਜਨਕਲਿਆਣ ਦੀ ਕਾਮਨਾ ਕੀਤੀ ਗਈ,
ਰਾਮਨਵਮੀ ਮੌਕੇ ਮਾਂ ਸੰਤੋਸ਼ੀ ਆਸ਼ਰਮ ਵਿੱਚ ਹਵਨ, ਕਨਿਆ ਪੂਜਨ, ਕੀਰਤਨ ਅਤੇ ਭੰਡਾਰੇ ਵਿੱਚ ਸੈਂਕੜਿਆਂ ਸ਼ਰਧਾਲੂ ਉੱਮੜੇ
ਉੱਥੇ ਹੀ ਕੀਰਤਨ ਰਾਹੀਂ ਪ੍ਰਭੂ ਸ਼੍ਰੀ ਰਾਮ ਦੀ ਸੰਕੀਰਤਨ ਗਾਇਕੀ ਕੀਤੀ ਗਈ। ਵਿਧੀ-ਵਿਧਾਨ ਅਨੁਸਾਰ ਕਨਿਆ ਪੂਜਨ ਕਰਕੇ ਉਨ੍ਹਾਂ ਨੂੰ ਉਪਹਾਰ ਭੇਟ ਕੀਤੇ ਗਏ। ਇਸ ਤੋਂ ਬਾਅਦ ਸਾਰੇ ਸ਼ਰਧਾਲੂਆਂ ਨੇ ਪ੍ਰੇਮ ਸ਼ਰਧਾ ਭਾਵ ਨਾਲ ਭੰਡਾਰੇ ਦਾ ਪ੍ਰਸ਼ਾਦ ਗ੍ਰਹਿਣ ਕੀਤਾ।
ਸ਼੍ਰੀ ਆਦਿਸ਼ਕਤੀ ਪੀਠ ਮਾਂ ਸੰਤੋਸ਼ੀ ਆਸ਼ਰਮ ਵਿੱਚ ਪਿਛਲੇ ਕਈ ਸਾਲਾਂ ਤੋਂ ਨਵਰਾਤਰੀ ਮਹੋਤਸਵ ਦਾ ਆਯੋਜਨ ਕੀਤਾ ਜਾਂਦਾ ਹੈ। ਇਸ ਵਾਰ ਵੀ ਵੱਡੀ ਗਿਣਤੀ ਵਿੱਚ ਸ਼ਰਧਾਲੂ ਪਹੁੰਚੇ।
ਆਸ਼ਰਮ ਵਿੱਚ ਸਵੇਰ ਤੋਂ ਹੀ ਸ਼ਰਧਾਲੂਆਂ ਦੀਆਂ ਕਤਾਰਾਂ ਲੱਗੀਆਂ ਰਹੀਆਂ। ਮਾਤਾ ਰਾਣੀ ਦੇ ਦਰਬਾਰ ਨੂੰ ਫੁੱਲਾਂ ਨਾਲ ਸਜਾਇਆ ਗਿਆ ਸੀ।
ਮਾਂ ਸੰਤੋਸ਼ੀ ਆਸ਼ਰਮ ਦੀ ਪ੍ਰਧਾਨ ਕਮੇਟੀ ਦੇ ਅਹੁਦੇਦਾਰਾਂ ਨੇ ਸਾਰੇ ਸ਼ਰਧਾਲੂਆਂ ਦਾ ਧੰਨਵਾਦ ਕੀਤਾ।
ਕੁੜਾਟੀ ਬਿੱਚ ਮਨ ਲਗਾਉਣਾ ਚਾਹੀਦਾ ਹੈ ਅਤੇ ਧਾਰਮਿਕ ਕੰਮਾਂ ਵਿੱਚ ਵੀ ਹਿੱਸਾ ਲੈਣਾ ਚਾਹੀਦਾ ਹੈ। ਉਨ੍ਹਾਂ ਕਿਹਾ ਕਿ ਸੇਵਾ ਅਤੇ ਸਿਮਰਨ ਨਾਲ ਹੀ ਜੀਵਨ ਸਫਲ ਹੁੰਦਾ ਹੈ।
ਇਸ ਮੌਕੇ ਆਸ਼ਰਮ ਦੇ ਸੇਵਾਦਾਰਾਂ, ਸ਼ਰਧਾਲੂਆਂ ਅਤੇ ਸ਼ਹਿਰ ਦੇ ਪਤਵੰਤਿਆਂ ਨੇ ਵੱਡੀ ਗਿਣਤੀ ਵਿੱਚ ਸ਼ਿਰਕਤ ਕੀਤੀ। ਪ੍ਰਸ਼ਾਦ ਵੰਡਿਆ ਗਿਆ ਅਤੇ ਸਾਰਿਆਂ ਨੇ ਮਾਤਾ ਰਾਣੀ ਦਾ ਆਸ਼ੀਰਵਾਦ ਪ੍ਰਾਪਤ ਕੀਤਾ।
ਆਯੋਜਕਾਂ ਨੇ ਦੱਸਿਆ ਕਿ 1008 ਮਹਾਂਮ੍ਰਿਤਯੁੰਜੈ ਜਾਪ ਵੀ ਕਰਵਾਇਆ ਗਿਆ।
